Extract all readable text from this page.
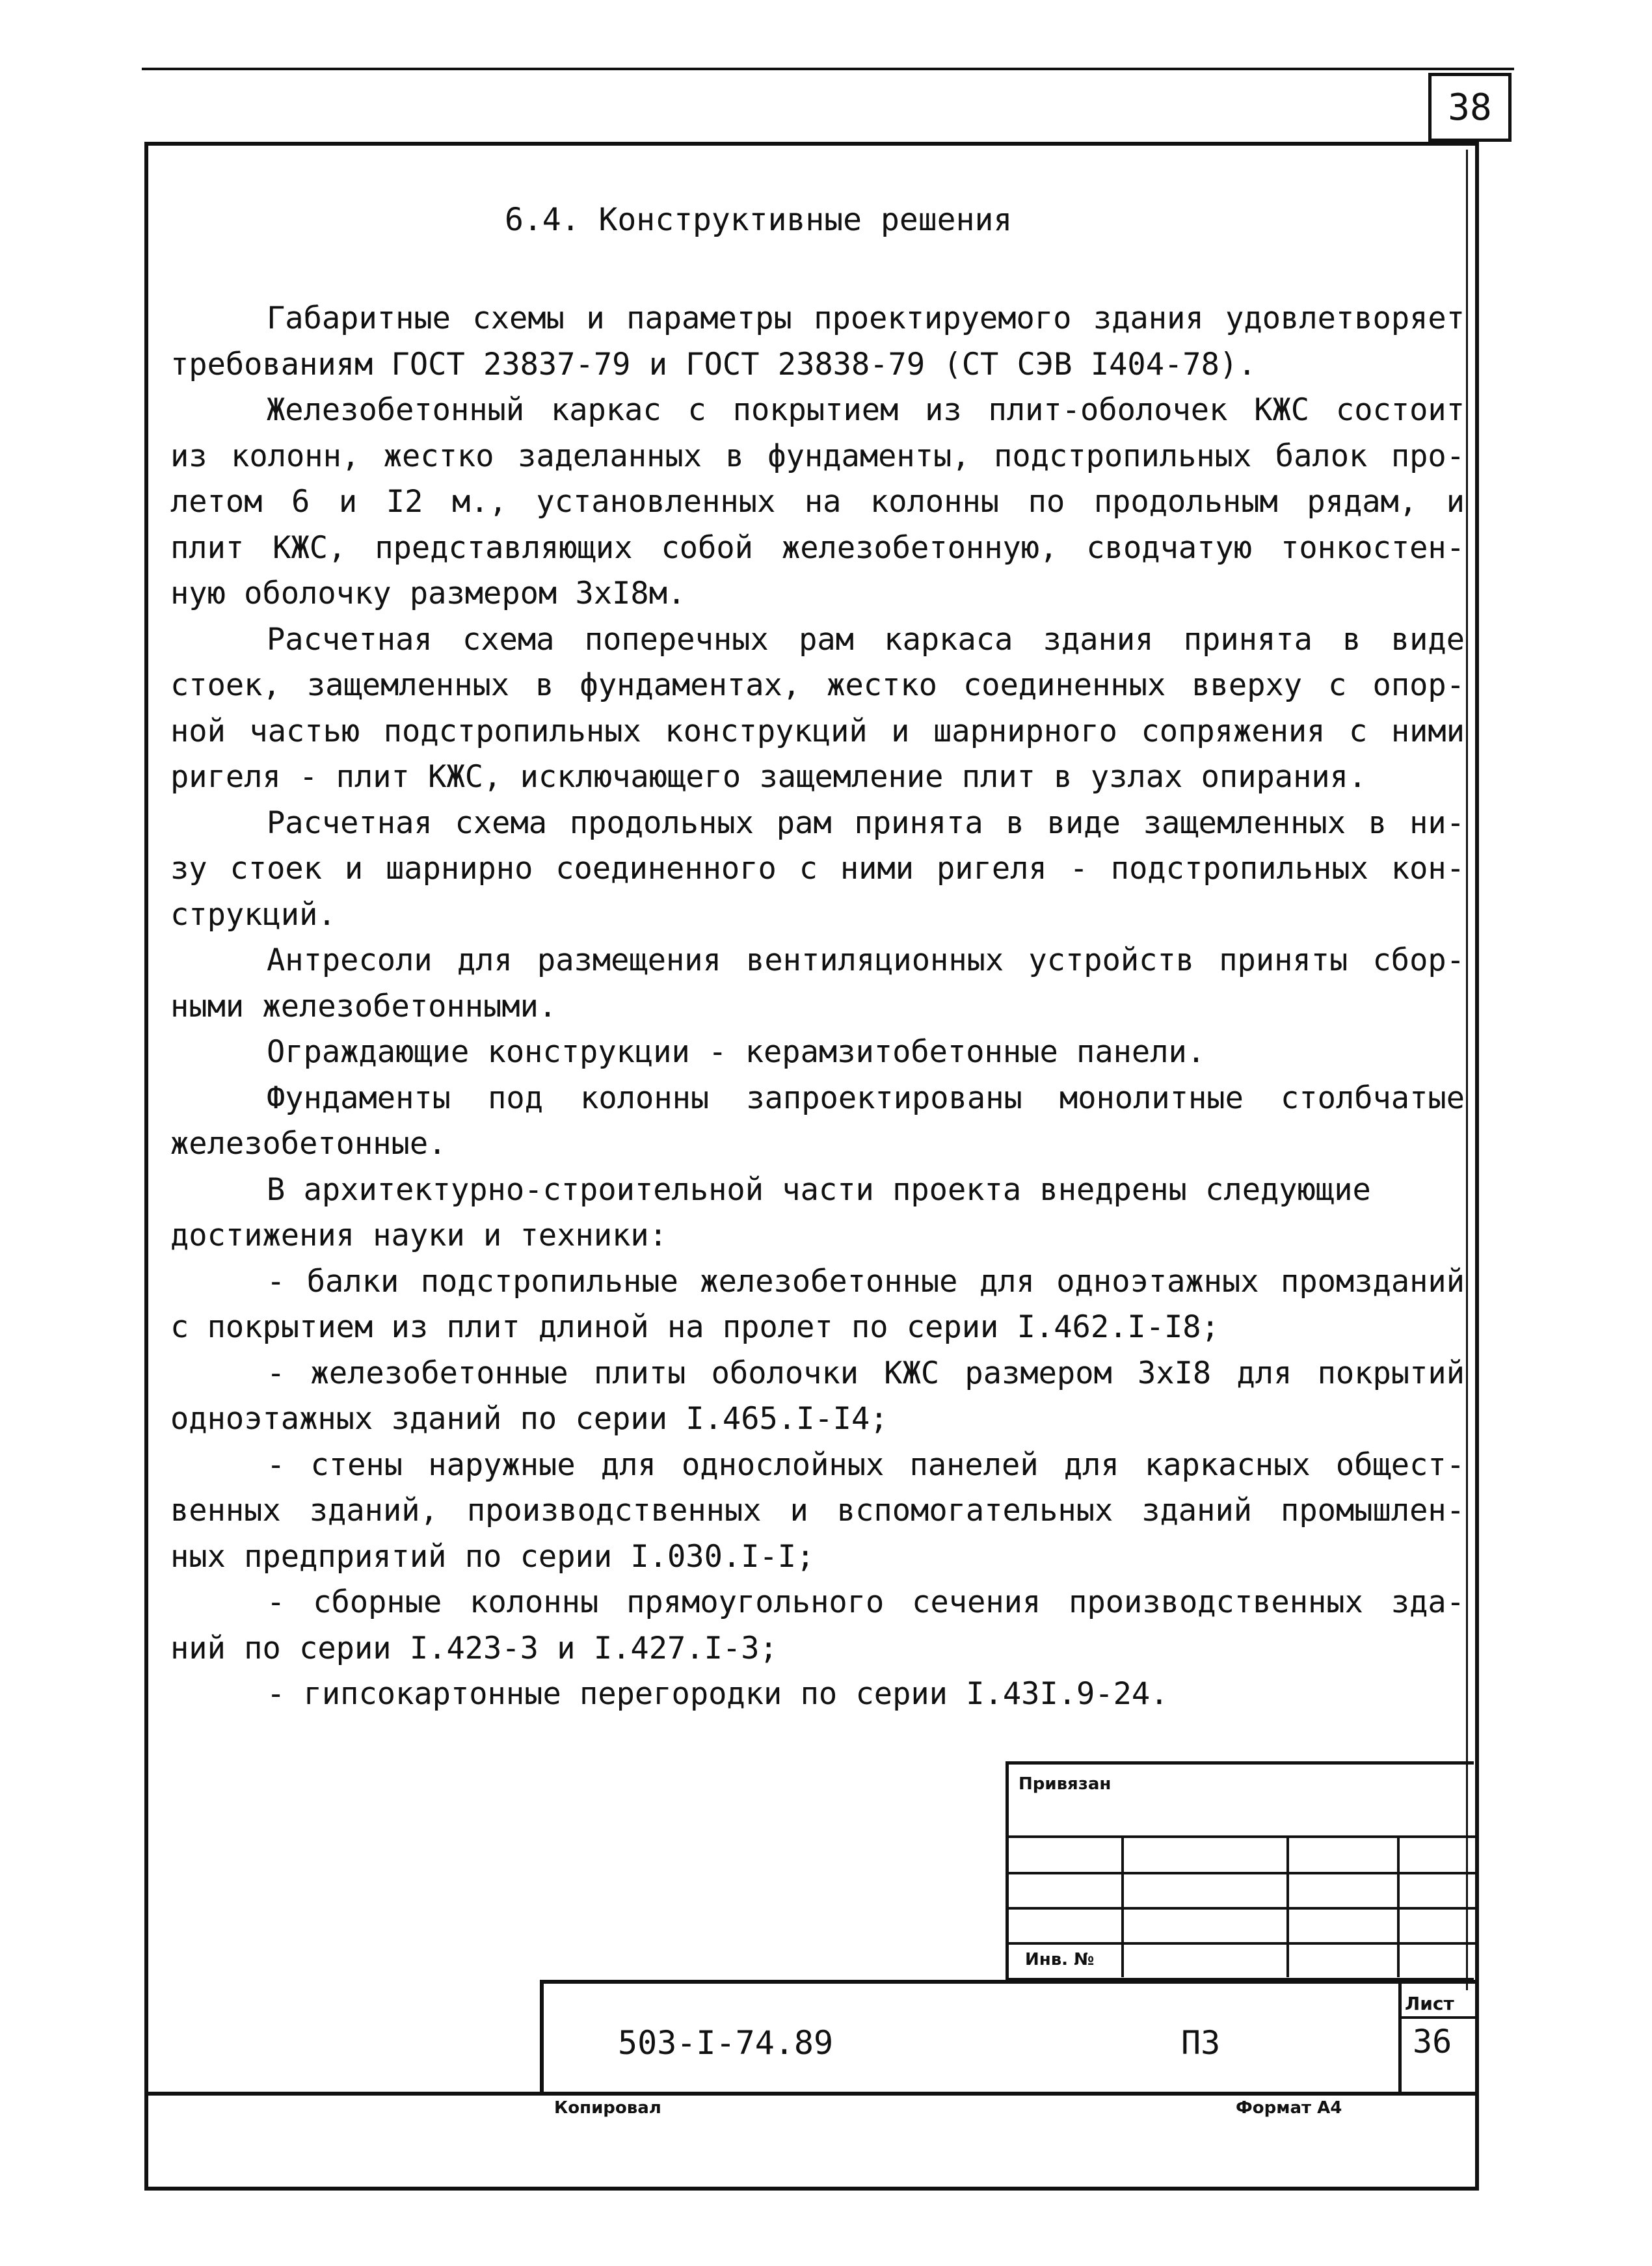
38
6.4. Конструктивные решения
Габаритные схемы и параметры проектируемого здания удовлетворяет
требованиям ГОСТ 23837-79 и ГОСТ 23838-79 (СТ СЭВ I404-78).
Железобетонный каркас с покрытием из плит-оболочек КЖС состоит
из колонн, жестко заделанных в фундаменты, подстропильных балок про-
летом 6 и I2 м., установленных на колонны по продольным рядам, и
плит КЖС, представляющих собой железобетонную, сводчатую тонкостен-
ную оболочку размером 3хI8м.
Расчетная схема поперечных рам каркаса здания принята в виде
стоек, защемленных в фундаментах, жестко соединенных вверху с опор-
ной частью подстропильных конструкций и шарнирного сопряжения с ними
ригеля - плит КЖС, исключающего защемление плит в узлах опирания.
Расчетная схема продольных рам принята в виде защемленных в ни-
зу стоек и шарнирно соединенного с ними ригеля - подстропильных кон-
струкций.
Антресоли для размещения вентиляционных устройств приняты сбор-
ными железобетонными.
Ограждающие конструкции - керамзитобетонные панели.
Фундаменты под колонны запроектированы монолитные столбчатые
железобетонные.
В архитектурно-строительной части проекта внедрены следующие
достижения науки и техники:
- балки подстропильные железобетонные для одноэтажных промзданий
с покрытием из плит длиной на пролет по серии I.462.I-I8;
- железобетонные плиты оболочки КЖС размером 3хI8 для покрытий
одноэтажных зданий по серии I.465.I-I4;
- стены наружные для однослойных панелей для каркасных общест-
венных зданий, производственных и вспомогательных зданий промышлен-
ных предприятий по серии I.030.I-I;
- сборные колонны прямоугольного сечения производственных зда-
ний по серии I.423-3 и I.427.I-3;
- гипсокартонные перегородки по серии I.43I.9-24.
Привязан
Инв. №
503-I-74.89	ПЗ
Лист
36
Копировал	Формат А4
